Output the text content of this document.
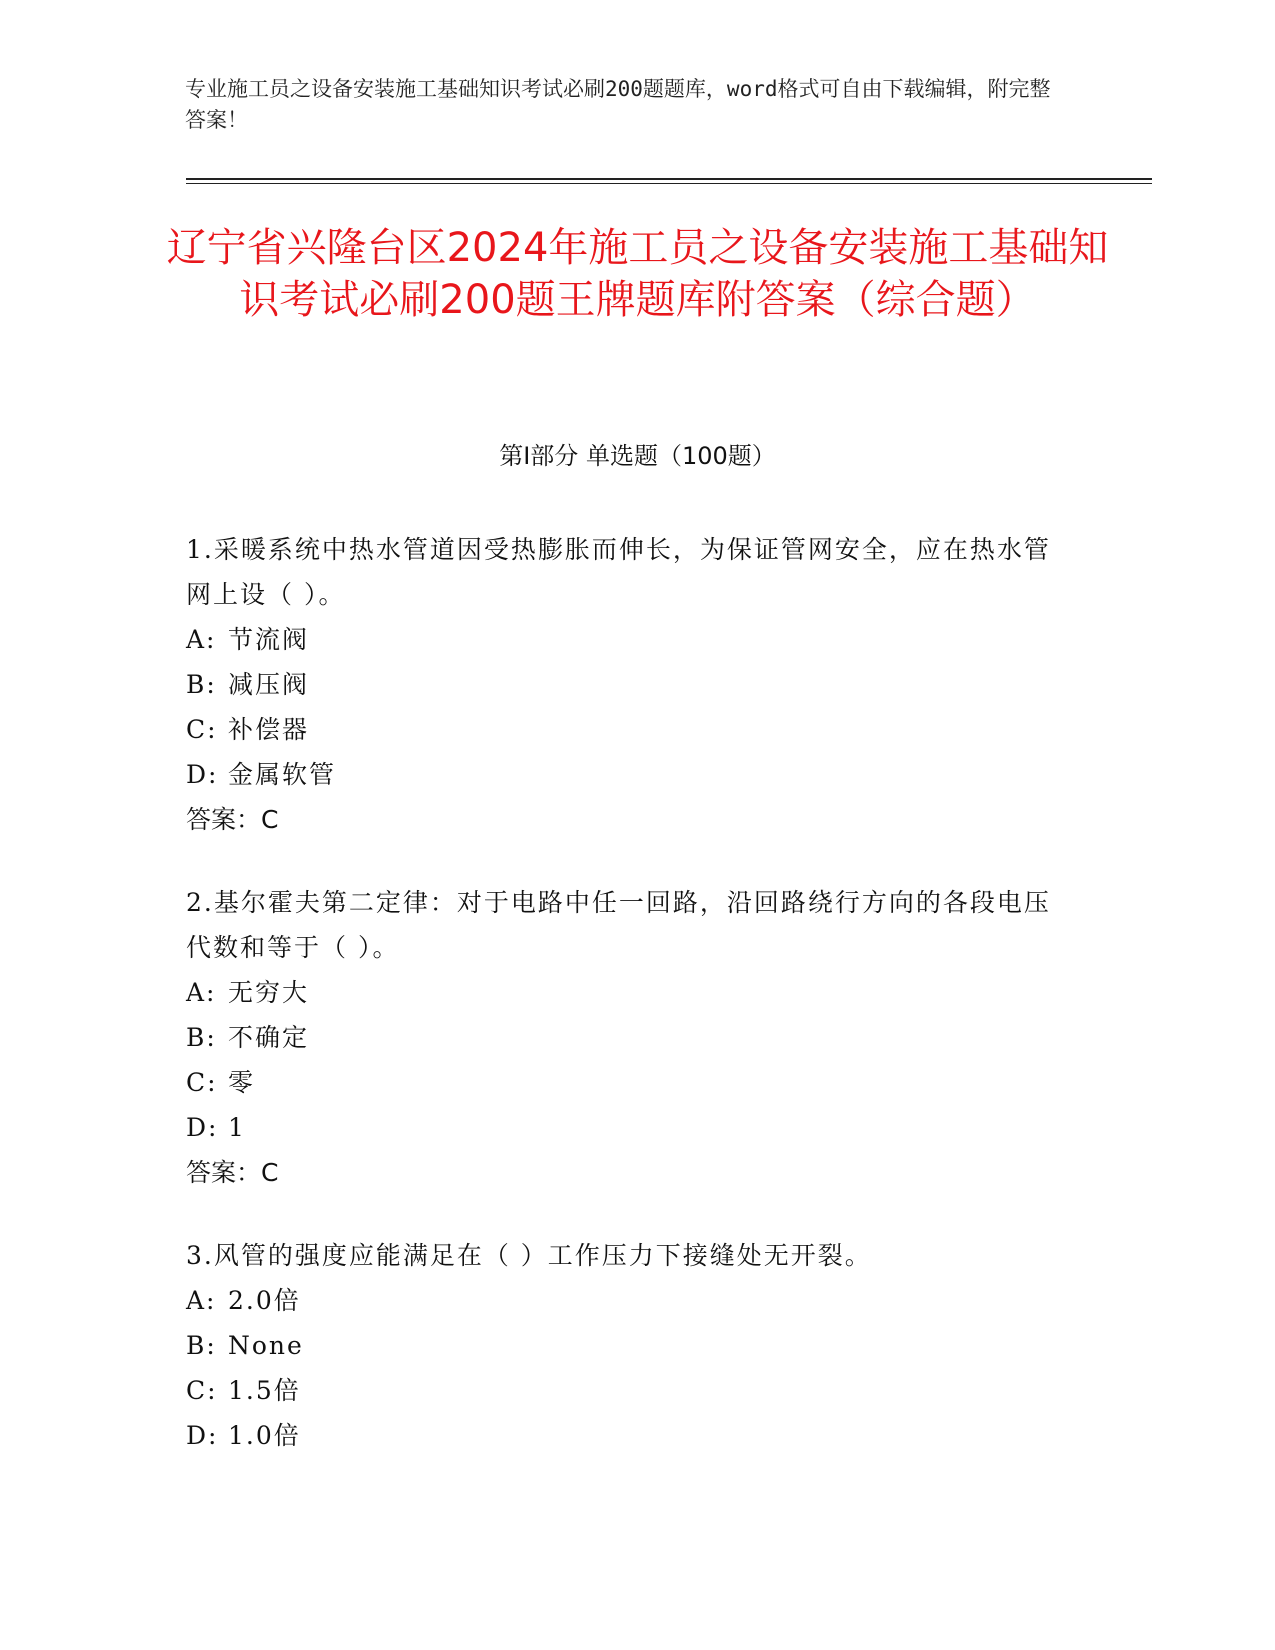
专业施工员之设备安装施工基础知识考试必刷200题题库，word格式可自由下载编辑，附完整答案！
辽宁省兴隆台区2024年施工员之设备安装施工基础知识考试必刷200题王牌题库附答案（综合题）
第I部分 单选题（100题）
1.采暖系统中热水管道因受热膨胀而伸长，为保证管网安全，应在热水管网上设（ ）。
A: 节流阀
B: 减压阀
C: 补偿器
D: 金属软管
答案：C
2.基尔霍夫第二定律：对于电路中任一回路，沿回路绕行方向的各段电压代数和等于（ ）。
A: 无穷大
B: 不确定
C: 零
D: 1
答案：C
3.风管的强度应能满足在（ ）工作压力下接缝处无开裂。
A: 2.0倍
B: None
C: 1.5倍
D: 1.0倍
